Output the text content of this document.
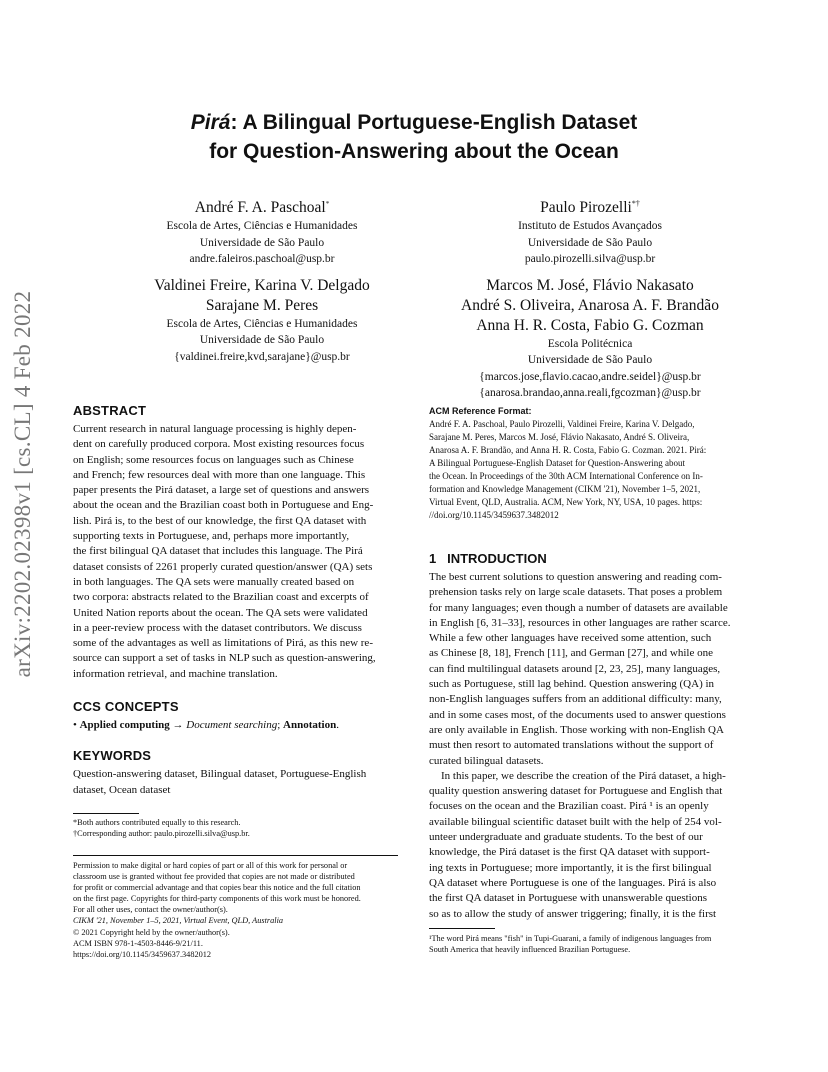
Pirá: A Bilingual Portuguese-English Dataset
for Question-Answering about the Ocean
André F. A. Paschoal*
Escola de Artes, Ciências e Humanidades
Universidade de São Paulo
andre.faleiros.paschoal@usp.br
Valdinei Freire, Karina V. Delgado
Sarajane M. Peres
Escola de Artes, Ciências e Humanidades
Universidade de São Paulo
{valdinei.freire,kvd,sarajane}@usp.br
Paulo Pirozelli*†
Instituto de Estudos Avançados
Universidade de São Paulo
paulo.pirozelli.silva@usp.br
Marcos M. José, Flávio Nakasato
André S. Oliveira, Anarosa A. F. Brandão
Anna H. R. Costa, Fabio G. Cozman
Escola Politécnica
Universidade de São Paulo
{marcos.jose,flavio.cacao,andre.seidel}@usp.br
{anarosa.brandao,anna.reali,fgcozman}@usp.br
arXiv:2202.02398v1 [cs.CL] 4 Feb 2022	ABSTRACT
Current research in natural language processing is highly depen-
dent on carefully produced corpora. Most existing resources focus
on English; some resources focus on languages such as Chinese
and French; few resources deal with more than one language. This
paper presents the Pirá dataset, a large set of questions and answers
about the ocean and the Brazilian coast both in Portuguese and Eng-
lish. Pirá is, to the best of our knowledge, the first QA dataset with
supporting texts in Portuguese, and, perhaps more importantly,
the first bilingual QA dataset that includes this language. The Pirá
dataset consists of 2261 properly curated question/answer (QA) sets
in both languages. The QA sets were manually created based on
two corpora: abstracts related to the Brazilian coast and excerpts of
United Nation reports about the ocean. The QA sets were validated
in a peer-review process with the dataset contributors. We discuss
some of the advantages as well as limitations of Pirá, as this new re-
source can support a set of tasks in NLP such as question-answering,
information retrieval, and machine translation.
CCS CONCEPTS
• Applied computing → Document searching; Annotation.
KEYWORDS
Question-answering dataset, Bilingual dataset, Portuguese-English
dataset, Ocean dataset
*Both authors contributed equally to this research.
†Corresponding author: paulo.pirozelli.silva@usp.br.
Permission to make digital or hard copies of part or all of this work for personal or
classroom use is granted without fee provided that copies are not made or distributed
for profit or commercial advantage and that copies bear this notice and the full citation
on the first page. Copyrights for third-party components of this work must be honored.
For all other uses, contact the owner/author(s).
CIKM '21, November 1–5, 2021, Virtual Event, QLD, Australia
© 2021 Copyright held by the owner/author(s).
ACM ISBN 978-1-4503-8446-9/21/11.
https://doi.org/10.1145/3459637.3482012
ACM Reference Format:
André F. A. Paschoal, Paulo Pirozelli, Valdinei Freire, Karina V. Delgado,
Sarajane M. Peres, Marcos M. José, Flávio Nakasato, André S. Oliveira,
Anarosa A. F. Brandão, and Anna H. R. Costa, Fabio G. Cozman. 2021. Pirá:
A Bilingual Portuguese-English Dataset for Question-Answering about
the Ocean. In Proceedings of the 30th ACM International Conference on In-
formation and Knowledge Management (CIKM '21), November 1–5, 2021,
Virtual Event, QLD, Australia. ACM, New York, NY, USA, 10 pages. https:
//doi.org/10.1145/3459637.3482012
1 INTRODUCTION
The best current solutions to question answering and reading com-
prehension tasks rely on large scale datasets. That poses a problem
for many languages; even though a number of datasets are available
in English [6, 31–33], resources in other languages are rather scarce.
While a few other languages have received some attention, such
as Chinese [8, 18], French [11], and German [27], and while one
can find multilingual datasets around [2, 23, 25], many languages,
such as Portuguese, still lag behind. Question answering (QA) in
non-English languages suffers from an additional difficulty: many,
and in some cases most, of the documents used to answer questions
are only available in English. Those working with non-English QA
must then resort to automated translations without the support of
curated bilingual datasets.
In this paper, we describe the creation of the Pirá dataset, a high-
quality question answering dataset for Portuguese and English that
focuses on the ocean and the Brazilian coast. Pirá ¹ is an openly
available bilingual scientific dataset built with the help of 254 vol-
unteer undergraduate and graduate students. To the best of our
knowledge, the Pirá dataset is the first QA dataset with support-
ing texts in Portuguese; more importantly, it is the first bilingual
QA dataset where Portuguese is one of the languages. Pirá is also
the first QA dataset in Portuguese with unanswerable questions
so as to allow the study of answer triggering; finally, it is the first
¹The word Pirá means "fish" in Tupi-Guarani, a family of indigenous languages from
South America that heavily influenced Brazilian Portuguese.
